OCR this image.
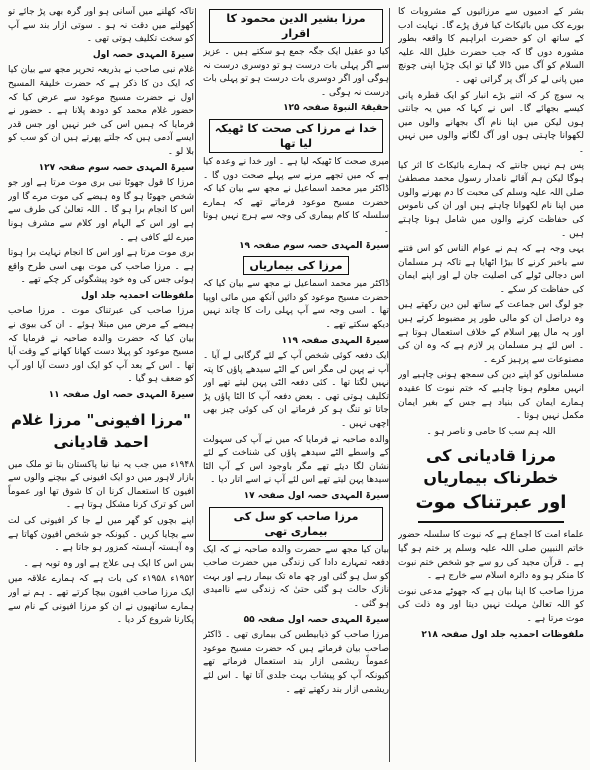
بشر کے ادمیوں سے مرزائیوں کے مشروبات کا بورے کک میں بائیکاٹ کیا فرق پڑے گا۔ نہایت ادب کے ساتھ ان کو حضرت ابراہیم کا واقعہ بطور مشورہ دوں گا کہ جب حضرت خلیل اللہ علیہ السلام کو آگ میں ڈالا گیا تو ایک چڑیا اپنی چونچ میں پانی لے کر آگ پر گراتی تھی ۔

یہ سوچ کر کہ اتنے بڑے انبار کو ایک قطرہ پانی کیسے بجھائے گا۔ اس نے کہا کہ میں یہ جانتی ہوں لیکن میں اپنا نام آگ بجھانے والوں میں لکھوانا چاہتی ہوں اور آگ لگانے والوں میں نہیں ۔

پس ہم نہیں جانتے کہ ہمارے بائیکاٹ کا اثر کیا ہوگا لیکن ہم آقائے نامدار رسول محمد مصطفیٰ صلی اللہ علیہ وسلم کی محبت کا دم بھرنے والوں میں اپنا نام لکھوانا چاہتے ہیں اور ان کی ناموس کی حفاظت کرنے والوں میں شامل ہونا چاہتے ہیں ۔

یہی وجہ ہے کہ ہم نے عوام الناس کو اس فتنے سے باخبر کرنے کا بیڑا اٹھایا ہے تاکہ ہر مسلمان اس دجالی ٹولے کی اصلیت جان لے اور اپنے ایمان کی حفاظت کر سکے ۔

جو لوگ اس جماعت کے ساتھ لین دین رکھتے ہیں وہ دراصل ان کو مالی طور پر مضبوط کرتے ہیں اور یہ مال پھر اسلام کے خلاف استعمال ہوتا ہے ۔ اس لئے ہر مسلمان پر لازم ہے کہ وہ ان کی مصنوعات سے پرہیز کرے ۔

مسلمانوں کو اپنے دین کی سمجھ ہونی چاہیے اور انہیں معلوم ہونا چاہیے کہ ختم نبوت کا عقیدہ ہمارے ایمان کی بنیاد ہے جس کے بغیر ایمان مکمل نہیں ہوتا ۔

اللہ ہم سب کا حامی و ناصر ہو ۔

مرزا قادیانی کی خطرناک بیماریاں
اور عبرتناک موت

علماء امت کا اجماع ہے کہ نبوت کا سلسلہ حضور خاتم النبیین صلی اللہ علیہ وسلم پر ختم ہو گیا ہے ۔ قرآن مجید کی رو سے جو شخص ختم نبوت کا منکر ہو وہ دائرہ اسلام سے خارج ہے ۔

مرزا صاحب کا اپنا بیان ہے کہ جھوٹے مدعی نبوت کو اللہ تعالیٰ مہلت نہیں دیتا اور وہ ذلت کی موت مرتا ہے ۔

ملفوظات احمدیہ جلد اول صفحہ ۲۱۸

مرزا بشیر الدین محمود کا اقرار

کیا دو عقیل ایک جگہ جمع ہو سکتے ہیں ۔ عزیز سے اگر پہلی بات درست ہو تو دوسری درست نہ ہوگی اور اگر دوسری بات درست ہو تو پہلی بات درست نہ ہوگی ۔

حقیقۃ النبوۃ صفحہ ۱۲۵

خدا نے مرزا کی صحت کا ٹھیکہ لیا تھا

میری صحت کا ٹھیکہ لیا ہے ۔ اور خدا نے وعدہ کیا ہے کہ میں تجھے مرنے سے پہلے صحت دوں گا ۔ ڈاکٹر میر محمد اسماعیل نے مجھ سے بیان کیا کہ حضرت مسیح موعود فرماتے تھے کہ ہمارے سلسلہ کا کام بیماری کی وجہ سے ہرج نہیں ہوتا ۔

سیرۃ المہدی حصہ سوم صفحہ ۱۹

مرزا کی بیماریاں

ڈاکٹر میر محمد اسماعیل نے مجھ سے بیان کیا کہ حضرت مسیح موعود کو دائیں آنکھ میں مائی اوپیا تھا ۔ اسی وجہ سے آپ پہلی رات کا چاند نہیں دیکھ سکتے تھے ۔

سیرۃ المہدی صفحہ ۱۱۹

ایک دفعہ کوئی شخص آپ کے لئے گرگابی لے آیا ۔ آپ نے پہن لی مگر اس کے الٹے سیدھے پاؤں کا پتہ نہیں لگتا تھا ۔ کئی دفعہ الٹی پہن لیتے تھے اور تکلیف ہوتی تھی ۔ بعض دفعہ آپ کا الٹا پاؤں پڑ جاتا تو تنگ ہو کر فرماتے ان کی کوئی چیز بھی اچھی نہیں ۔

والدہ صاحبہ نے فرمایا کہ میں نے آپ کی سہولت کے واسطے الٹے سیدھے پاؤں کی شناخت کے لئے نشان لگا دیئے تھے مگر باوجود اس کے آپ الٹا سیدھا پہن لیتے تھے اس لئے آپ نے اسے اتار دیا ۔

سیرۃ المہدی حصہ اول صفحہ ۱۷

مرزا صاحب کو سل کی بیماری تھی

بیان کیا مجھ سے حضرت والدہ صاحبہ نے کہ ایک دفعہ تمہارے دادا کی زندگی میں حضرت صاحب کو سل ہو گئی اور چھ ماہ تک بیمار رہے اور بہت نازک حالت ہو گئی حتیٰ کہ زندگی سے ناامیدی ہو گئی ۔

سیرۃ المہدی حصہ اول صفحہ ۵۵

مرزا صاحب کو ذیابیطس کی بیماری تھی ۔ ڈاکٹر صاحب بیان فرماتے ہیں کہ حضرت مسیح موعود عموماً ریشمی ازار بند استعمال فرماتے تھے کیونکہ آپ کو پیشاب بہت جلدی آتا تھا ۔ اس لئے ریشمی ازار بند رکھتے تھے ۔

تاکہ کھلنے میں آسانی ہو اور گرہ بھی پڑ جائے تو کھولنے میں دقت نہ ہو ۔ سوتی ازار بند سے آپ کو سخت تکلیف ہوتی تھی ۔

سیرۃ المہدی حصہ اول

غلام نبی صاحب نے بذریعہ تحریر مجھ سے بیان کیا کہ ایک دن کا ذکر ہے کہ حضرت خلیفۃ المسیح اول نے حضرت مسیح موعود سے عرض کیا کہ حضور غلام محمد کو دودھ پلانا ہے ۔ حضور نے فرمایا کہ ہمیں اس کی خبر نہیں اور جس قدر ایسے آدمی ہیں کہ جلتے پھرتے ہیں ان کو سب کو بلا لو ۔

سیرۃ المہدی حصہ سوم صفحہ ۱۲۷

مرزا کا قول جھوٹا نبی بری موت مرتا ہے اور جو شخص جھوٹا ہو گا وہ ہیضے کی موت مرے گا اور اس کا انجام برا ہو گا ۔ اللہ تعالیٰ کی طرف سے ہے اور اس کے الہام اور کلام سے مشرف ہونا میرے لئے کافی ہے ۔

بری موت مرتا ہے اور اس کا انجام نہایت برا ہوتا ہے ۔ مرزا صاحب کی موت بھی اسی طرح واقع ہوئی جس کی وہ خود پیشگوئی کر چکے تھے ۔

ملفوظات احمدیہ جلد اول

مرزا صاحب کی عبرتناک موت ۔ مرزا صاحب ہیضے کے مرض میں مبتلا ہوئے ۔ ان کی بیوی نے بیان کیا کہ حضرت والدہ صاحبہ نے فرمایا کہ مسیح موعود کو پہلا دست کھانا کھانے کے وقت آیا تھا ۔ اس کے بعد آپ کو ایک اور دست آیا اور آپ کو ضعف ہو گیا ۔

سیرۃ المہدی حصہ اول صفحہ ۱۱

"مرزا افیونی" مرزا غلام احمد قادیانی

۱۹۴۸ء میں جب یہ نیا نیا پاکستان بنا تو ملک میں بازار لاہور میں دو ایک افیونی کے بیچنے والوں سے افیون کا استعمال کرنا ان کا شوق تھا اور عموماً اس کو ترک کرنا مشکل ہوتا ہے ۔

اپنے بچوں کو گھر میں لے جا کر افیونی کی لت سے بچایا کریں ۔ کیونکہ جو شخص افیون کھاتا ہے وہ آہستہ آہستہ کمزور ہو جاتا ہے ۔

بس اس کا ایک ہی علاج ہے اور وہ توبہ ہے ۔

۱۹۵۲ء ۱۹۵۸ء کی بات ہے کہ ہمارے علاقہ میں ایک مرزا صاحب افیون بیچا کرتے تھے ۔ ہم نے اور ہمارے ساتھیوں نے ان کو مرزا افیونی کے نام سے پکارنا شروع کر دیا ۔
